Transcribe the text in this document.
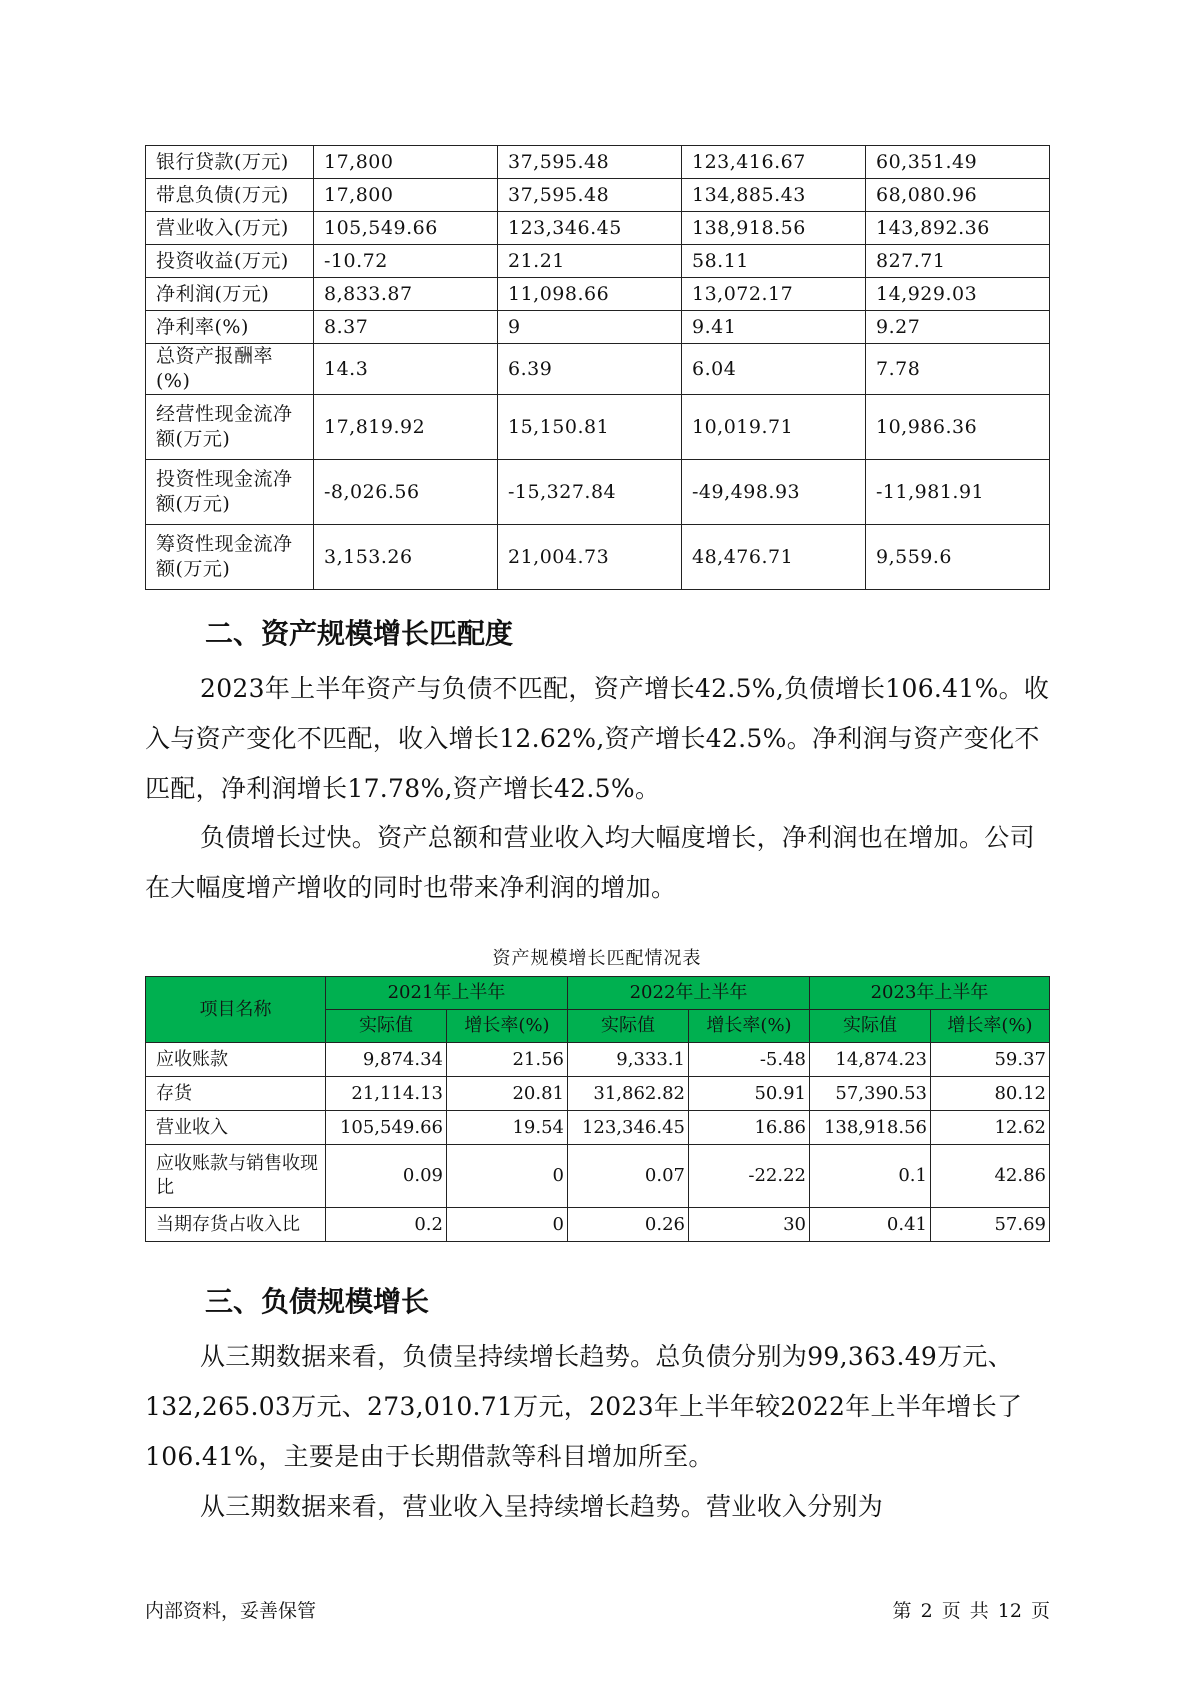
银行贷款(万元)	17,800	37,595.48	123,416.67	60,351.49
带息负债(万元)	17,800	37,595.48	134,885.43	68,080.96
营业收入(万元)	105,549.66	123,346.45	138,918.56	143,892.36
投资收益(万元)	-10.72	21.21	58.11	827.71
净利润(万元)	8,833.87	11,098.66	13,072.17	14,929.03
净利率(%)	8.37	9	9.41	9.27
总资产报酬率(%)	14.3	6.39	6.04	7.78
经营性现金流净额(万元)	17,819.92	15,150.81	10,019.71	10,986.36
投资性现金流净额(万元)	-8,026.56	-15,327.84	-49,498.93	-11,981.91
筹资性现金流净额(万元)	3,153.26	21,004.73	48,476.71	9,559.6
二、资产规模增长匹配度

2023年上半年资产与负债不匹配，资产增长42.5%,负债增长106.41%。收入与资产变化不匹配，收入增长12.62%,资产增长42.5%。净利润与资产变化不匹配，净利润增长17.78%,资产增长42.5%。

负债增长过快。资产总额和营业收入均大幅度增长，净利润也在增加。公司在大幅度增产增收的同时也带来净利润的增加。

资产规模增长匹配情况表

项目名称	2021年上半年		2022年上半年		2023年上半年	
	实际值	增长率(%)	实际值	增长率(%)	实际值	增长率(%)
应收账款	9,874.34	21.56	9,333.1	-5.48	14,874.23	59.37
存货	21,114.13	20.81	31,862.82	50.91	57,390.53	80.12
营业收入	105,549.66	19.54	123,346.45	16.86	138,918.56	12.62
应收账款与销售收现比	0.09	0	0.07	-22.22	0.1	42.86
当期存货占收入比	0.2	0	0.26	30	0.41	57.69
三、负债规模增长

从三期数据来看，负债呈持续增长趋势。总负债分别为99,363.49万元、132,265.03万元、273,010.71万元，2023年上半年较2022年上半年增长了106.41%，主要是由于长期借款等科目增加所至。

从三期数据来看，营业收入呈持续增长趋势。营业收入分别为

内部资料，妥善保管	第 2 页 共 12 页
